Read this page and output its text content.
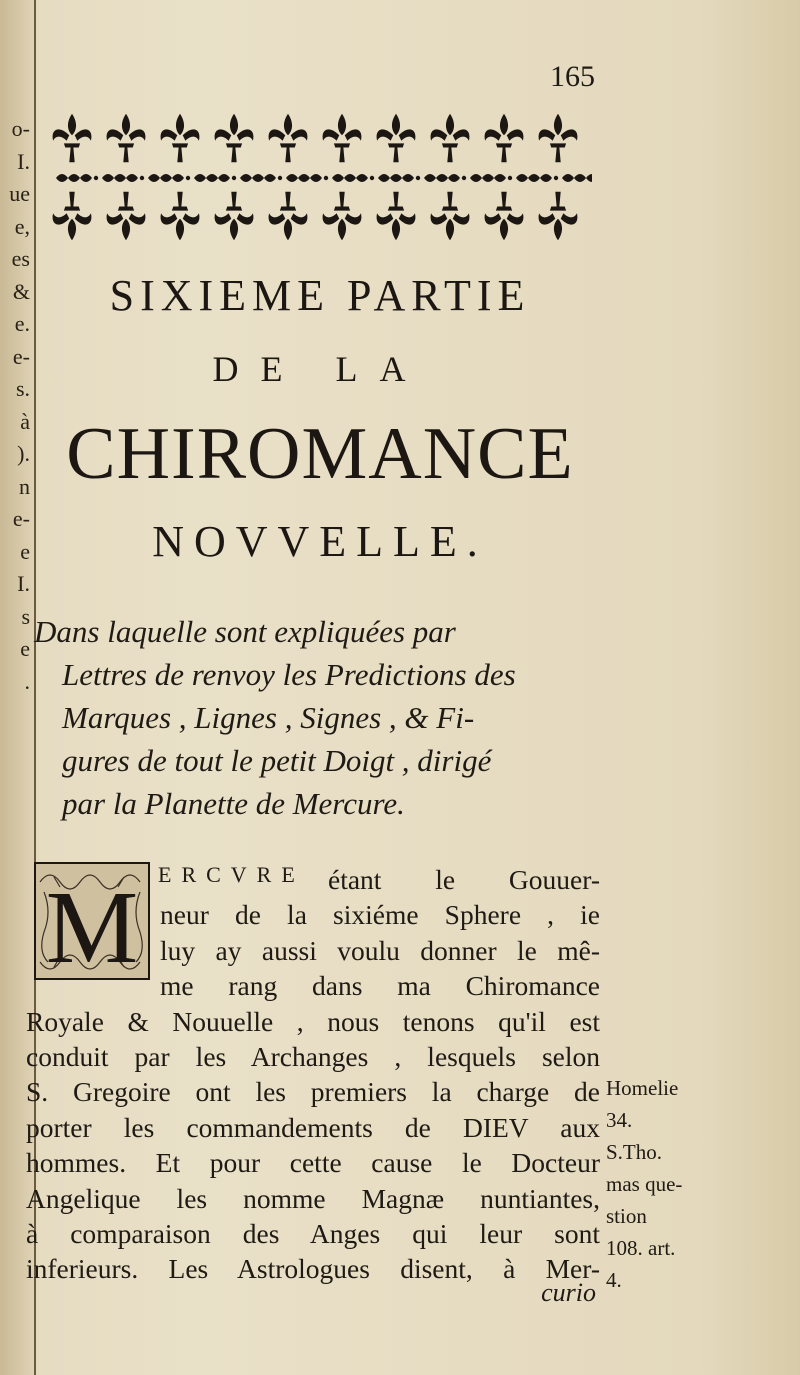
o-
I.
ue
e,
es
&
e.
e-
s.
à
).
n
e-
e
I.
s
e
.
165
SIXIEME PARTIE
DE LA
CHIROMANCE
NOVVELLE.
Dans laquelle sont expliquées par
Lettres de renvoy les Predictions des
Marques , Lignes , Signes , & Fi-
gures de tout le petit Doigt , dirigé
par la Planette de Mercure.
M ERCVRE étant le Gouuer-
neur de la sixiéme Sphere , ie
luy ay aussi voulu donner le mê-
me rang dans ma Chiromance
Royale & Nouuelle , nous tenons qu'il est
conduit par les Archanges , lesquels selon
S. Gregoire ont les premiers la charge de
porter les commandements de DIEV aux
hommes. Et pour cette cause le Docteur
Angelique les nomme Magnæ nuntiantes,
à comparaison des Anges qui leur sont
inferieurs. Les Astrologues disent, à Mer-
curio
Homelie
34.
S.Tho.
mas que-
stion
108. art.
4.
